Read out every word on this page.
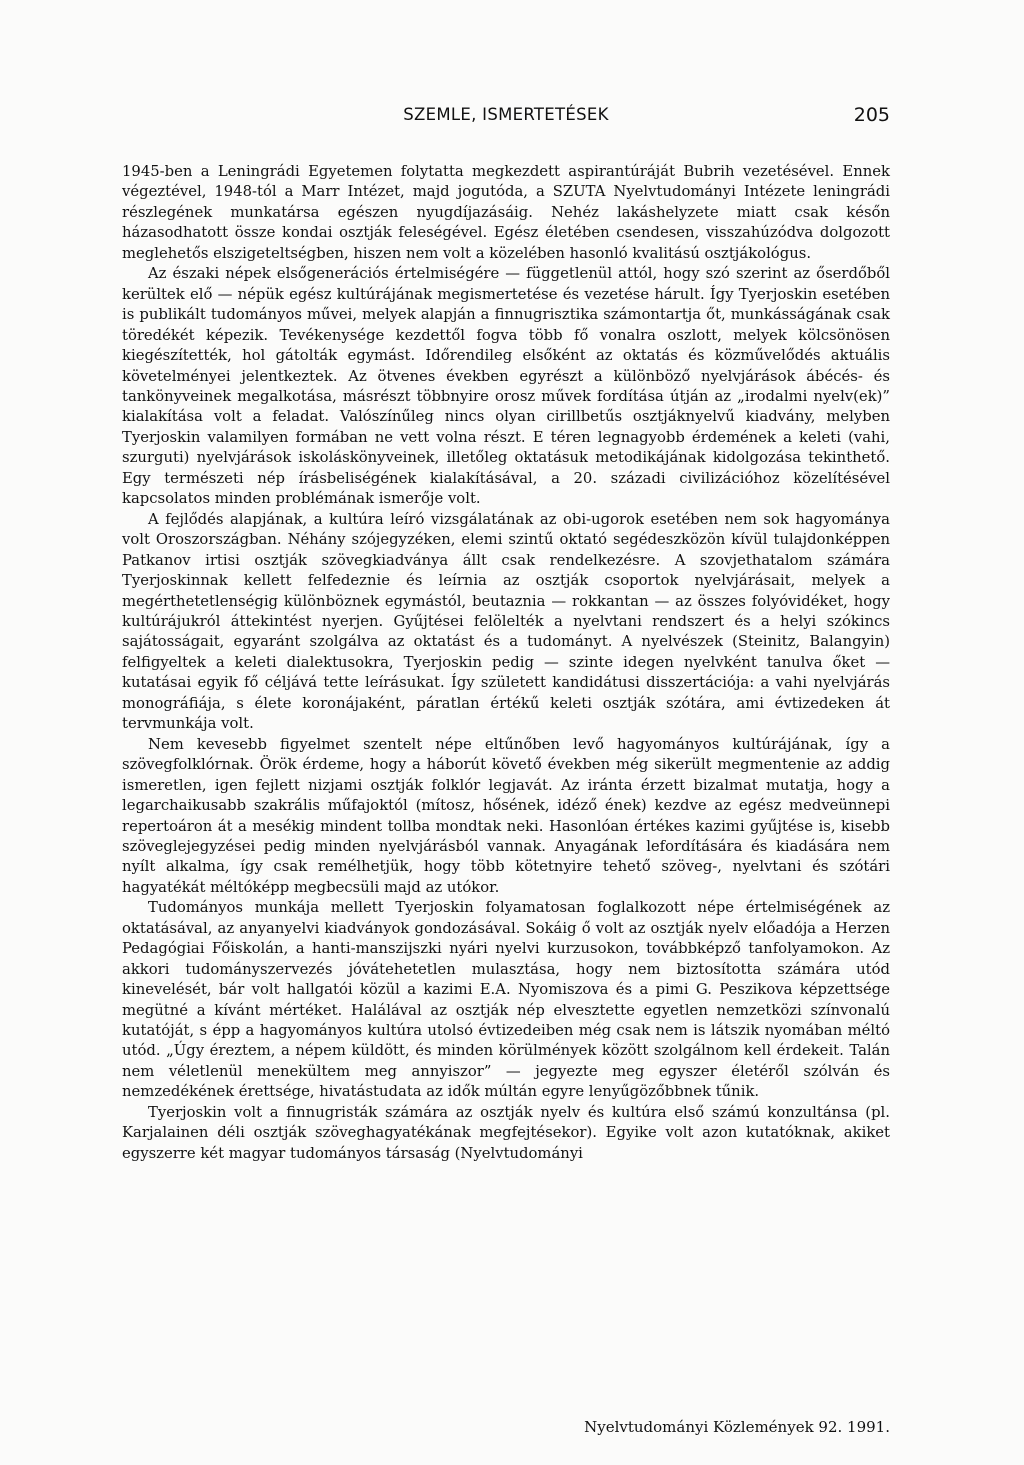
SZEMLE, ISMERTETÉSEK	205

1945-ben a Leningrádi Egyetemen folytatta megkezdett aspirantúráját Bubrih vezetésével. Ennek végeztével, 1948-tól a Marr Intézet, majd jogutóda, a SZUTA Nyelvtudományi Intézete leningrádi részlegének munkatársa egészen nyugdíjazásáig. Nehéz lakáshelyzete miatt csak későn házasodhatott össze kondai osztják feleségével. Egész életében csendesen, visszahúzódva dolgozott meglehetős elszigeteltségben, hiszen nem volt a közelében hasonló kvalitású osztjákológus.

Az északi népek elsőgenerációs értelmiségére — függetlenül attól, hogy szó szerint az őserdőből kerültek elő — népük egész kultúrájának megismertetése és vezetése hárult. Így Tyerjoskin esetében is publikált tudományos művei, melyek alapján a finnugrisztika számontartja őt, munkásságának csak töredékét képezik. Tevékenysége kezdettől fogva több fő vonalra oszlott, melyek kölcsönösen kiegészítették, hol gátolták egymást. Időrendileg elsőként az oktatás és közművelődés aktuális követelményei jelentkeztek. Az ötvenes években egyrészt a különböző nyelvjárások ábécés- és tankönyveinek megalkotása, másrészt többnyire orosz művek fordítása útján az „irodalmi nyelv(ek)” kialakítása volt a feladat. Valószínűleg nincs olyan cirillbetűs osztjáknyelvű kiadvány, melyben Tyerjoskin valamilyen formában ne vett volna részt. E téren legnagyobb érdemének a keleti (vahi, szurguti) nyelvjárások iskoláskönyveinek, illetőleg oktatásuk metodikájának kidolgozása tekinthető. Egy természeti nép írásbeliségének kialakításával, a 20. századi civilizációhoz közelítésével kapcsolatos minden problémának ismerője volt.

A fejlődés alapjának, a kultúra leíró vizsgálatának az obi-ugorok esetében nem sok hagyománya volt Oroszországban. Néhány szójegyzéken, elemi szintű oktató segédeszközön kívül tulajdonképpen Patkanov irtisi osztják szövegkiadványa állt csak rendelkezésre. A szovjethatalom számára Tyerjoskinnak kellett felfedeznie és leírnia az osztják csoportok nyelvjárásait, melyek a megérthetetlenségig különböznek egymástól, beutaznia — rokkantan — az összes folyóvidéket, hogy kultúrájukról áttekintést nyerjen. Gyűjtései felölelték a nyelvtani rendszert és a helyi szókincs sajátosságait, egyaránt szolgálva az oktatást és a tudományt. A nyelvészek (Steinitz, Balangyin) felfigyeltek a keleti dialektusokra, Tyerjoskin pedig — szinte idegen nyelvként tanulva őket — kutatásai egyik fő céljává tette leírásukat. Így született kandidátusi disszertációja: a vahi nyelvjárás monográfiája, s élete koronájaként, páratlan értékű keleti osztják szótára, ami évtizedeken át tervmunkája volt.

Nem kevesebb figyelmet szentelt népe eltűnőben levő hagyományos kultúrájának, így a szövegfolklórnak. Örök érdeme, hogy a háborút követő években még sikerült megmentenie az addig ismeretlen, igen fejlett nizjami osztják folklór legjavát. Az iránta érzett bizalmat mutatja, hogy a legarchaikusabb szakrális műfajoktól (mítosz, hősének, idéző ének) kezdve az egész medveünnepi repertoáron át a mesékig mindent tollba mondtak neki. Hasonlóan értékes kazimi gyűjtése is, kisebb szöveglejegyzései pedig minden nyelvjárásból vannak. Anyagának lefordítására és kiadására nem nyílt alkalma, így csak remélhetjük, hogy több kötetnyire tehető szöveg-, nyelvtani és szótári hagyatékát méltóképp megbecsüli majd az utókor.

Tudományos munkája mellett Tyerjoskin folyamatosan foglalkozott népe értelmiségének az oktatásával, az anyanyelvi kiadványok gondozásával. Sokáig ő volt az osztják nyelv előadója a Herzen Pedagógiai Főiskolán, a hanti-manszijszki nyári nyelvi kurzusokon, továbbképző tanfolyamokon. Az akkori tudományszervezés jóvátehetetlen mulasztása, hogy nem biztosította számára utód kinevelését, bár volt hallgatói közül a kazimi E.A. Nyomiszova és a pimi G. Peszikova képzettsége megütné a kívánt mértéket. Halálával az osztják nép elvesztette egyetlen nemzetközi színvonalú kutatóját, s épp a hagyományos kultúra utolsó évtizedeiben még csak nem is látszik nyomában méltó utód. „Úgy éreztem, a népem küldött, és minden körülmények között szolgálnom kell érdekeit. Talán nem véletlenül menekültem meg annyiszor” — jegyezte meg egyszer életéről szólván és nemzedékének érettsége, hivatástudata az idők múltán egyre lenyűgözőbbnek tűnik.

Tyerjoskin volt a finnugristák számára az osztják nyelv és kultúra első számú konzultánsa (pl. Karjalainen déli osztják szöveghagyatékának megfejtésekor). Egyike volt azon kutatóknak, akiket egyszerre két magyar tudományos társaság (Nyelvtudományi

Nyelvtudományi Közlemények 92. 1991.
